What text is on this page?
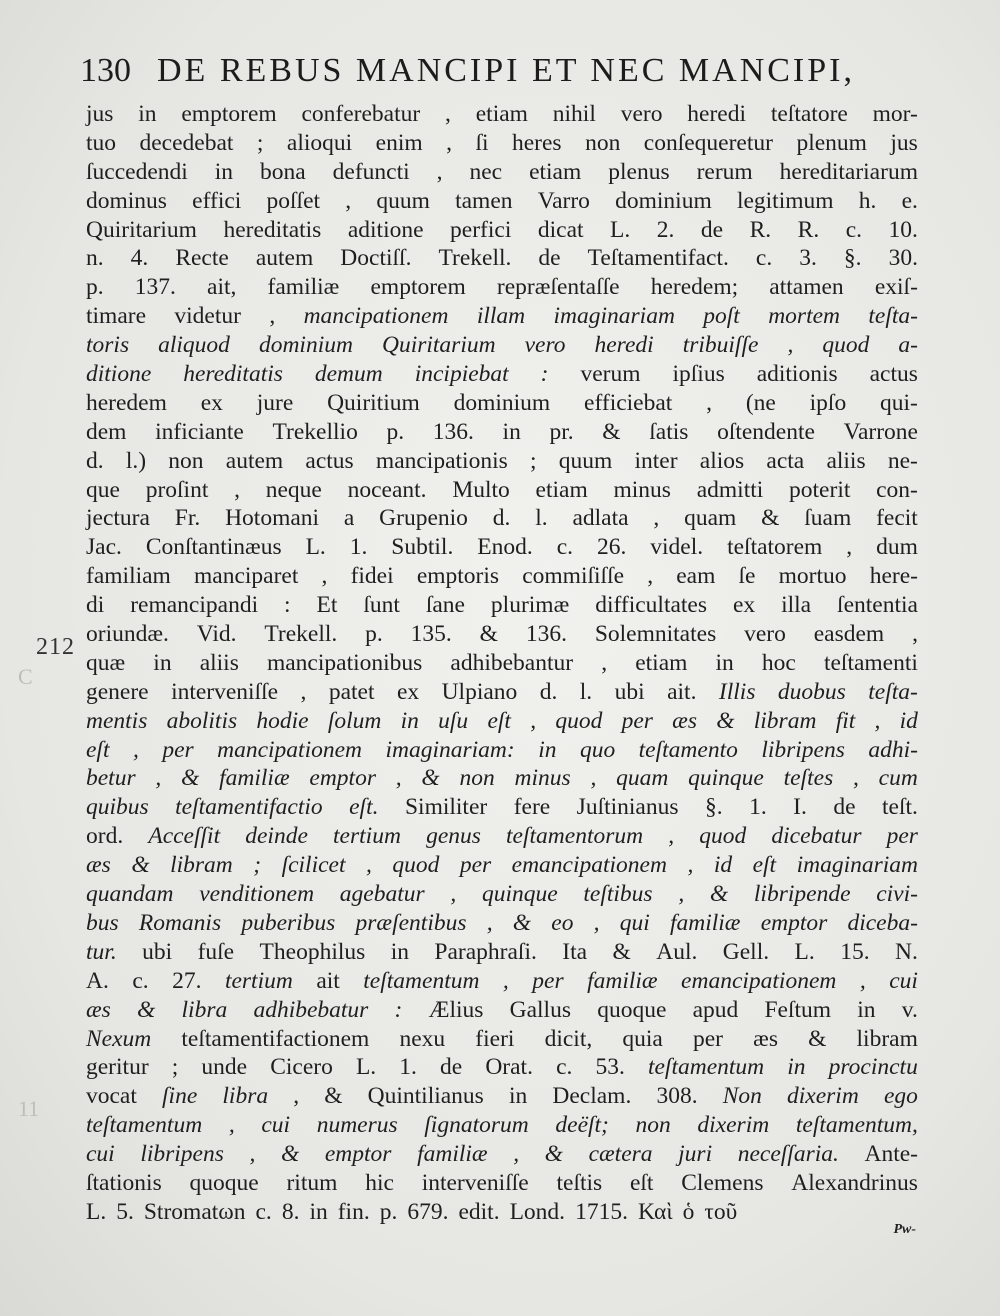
130 DE REBUS MANCIPI ET NEC MANCIPI,
212
C
11
jus in emptorem conferebatur , etiam nihil vero heredi teſtatore mor-
tuo decedebat ; alioqui enim , ſi heres non conſequeretur plenum jus
ſuccedendi in bona defuncti , nec etiam plenus rerum hereditariarum
dominus effici poſſet , quum tamen Varro dominium legitimum h. e.
Quiritarium hereditatis aditione perfici dicat L. 2. de R. R. c. 10.
n. 4. Recte autem Doctiſſ. Trekell. de Teſtamentifact. c. 3. §. 30.
p. 137. ait, familiæ emptorem repræſentaſſe heredem; attamen exiſ-
timare videtur , mancipationem illam imaginariam poſt mortem teſta-
toris aliquod dominium Quiritarium vero heredi tribuiſſe , quod a-
ditione hereditatis demum incipiebat : verum ipſius aditionis actus
heredem ex jure Quiritium dominium efficiebat , (ne ipſo qui-
dem inficiante Trekellio p. 136. in pr. & ſatis oſtendente Varrone
d. l.) non autem actus mancipationis ; quum inter alios acta aliis ne-
que proſint , neque noceant. Multo etiam minus admitti poterit con-
jectura Fr. Hotomani a Grupenio d. l. adlata , quam & ſuam fecit
Jac. Conſtantinæus L. 1. Subtil. Enod. c. 26. videl. teſtatorem , dum
familiam manciparet , fidei emptoris commiſiſſe , eam ſe mortuo here-
di remancipandi : Et ſunt ſane plurimæ difficultates ex illa ſententia
oriundæ. Vid. Trekell. p. 135. & 136. Solemnitates vero easdem ,
quæ in aliis mancipationibus adhibebantur , etiam in hoc teſtamenti
genere interveniſſe , patet ex Ulpiano d. l. ubi ait. Illis duobus teſta-
mentis abolitis hodie ſolum in uſu eſt , quod per æs & libram fit , id
eſt , per mancipationem imaginariam: in quo teſtamento libripens adhi-
betur , & familiæ emptor , & non minus , quam quinque teſtes , cum
quibus teſtamentifactio eſt. Similiter fere Juſtinianus §. 1. I. de teſt.
ord. Acceſſit deinde tertium genus teſtamentorum , quod dicebatur per
æs & libram ; ſcilicet , quod per emancipationem , id eſt imaginariam
quandam venditionem agebatur , quinque teſtibus , & libripende civi-
bus Romanis puberibus præſentibus , & eo , qui familiæ emptor diceba-
tur. ubi fuſe Theophilus in Paraphraſi. Ita & Aul. Gell. L. 15. N.
A. c. 27. tertium ait teſtamentum , per familiæ emancipationem , cui
æs & libra adhibebatur : Ælius Gallus quoque apud Feſtum in v.
Nexum teſtamentifactionem nexu fieri dicit, quia per æs & libram
geritur ; unde Cicero L. 1. de Orat. c. 53. teſtamentum in procinctu
vocat ſine libra , & Quintilianus in Declam. 308. Non dixerim ego
teſtamentum , cui numerus ſignatorum deëſt; non dixerim teſtamentum,
cui libripens , & emptor familiæ , & cætera juri neceſſaria. Ante-
ſtationis quoque ritum hic interveniſſe teſtis eſt Clemens Alexandrinus
L. 5. Stromatωn c. 8. in fin. p. 679. edit. Lond. 1715. Καὶ ὁ τοῦ
Pw-
